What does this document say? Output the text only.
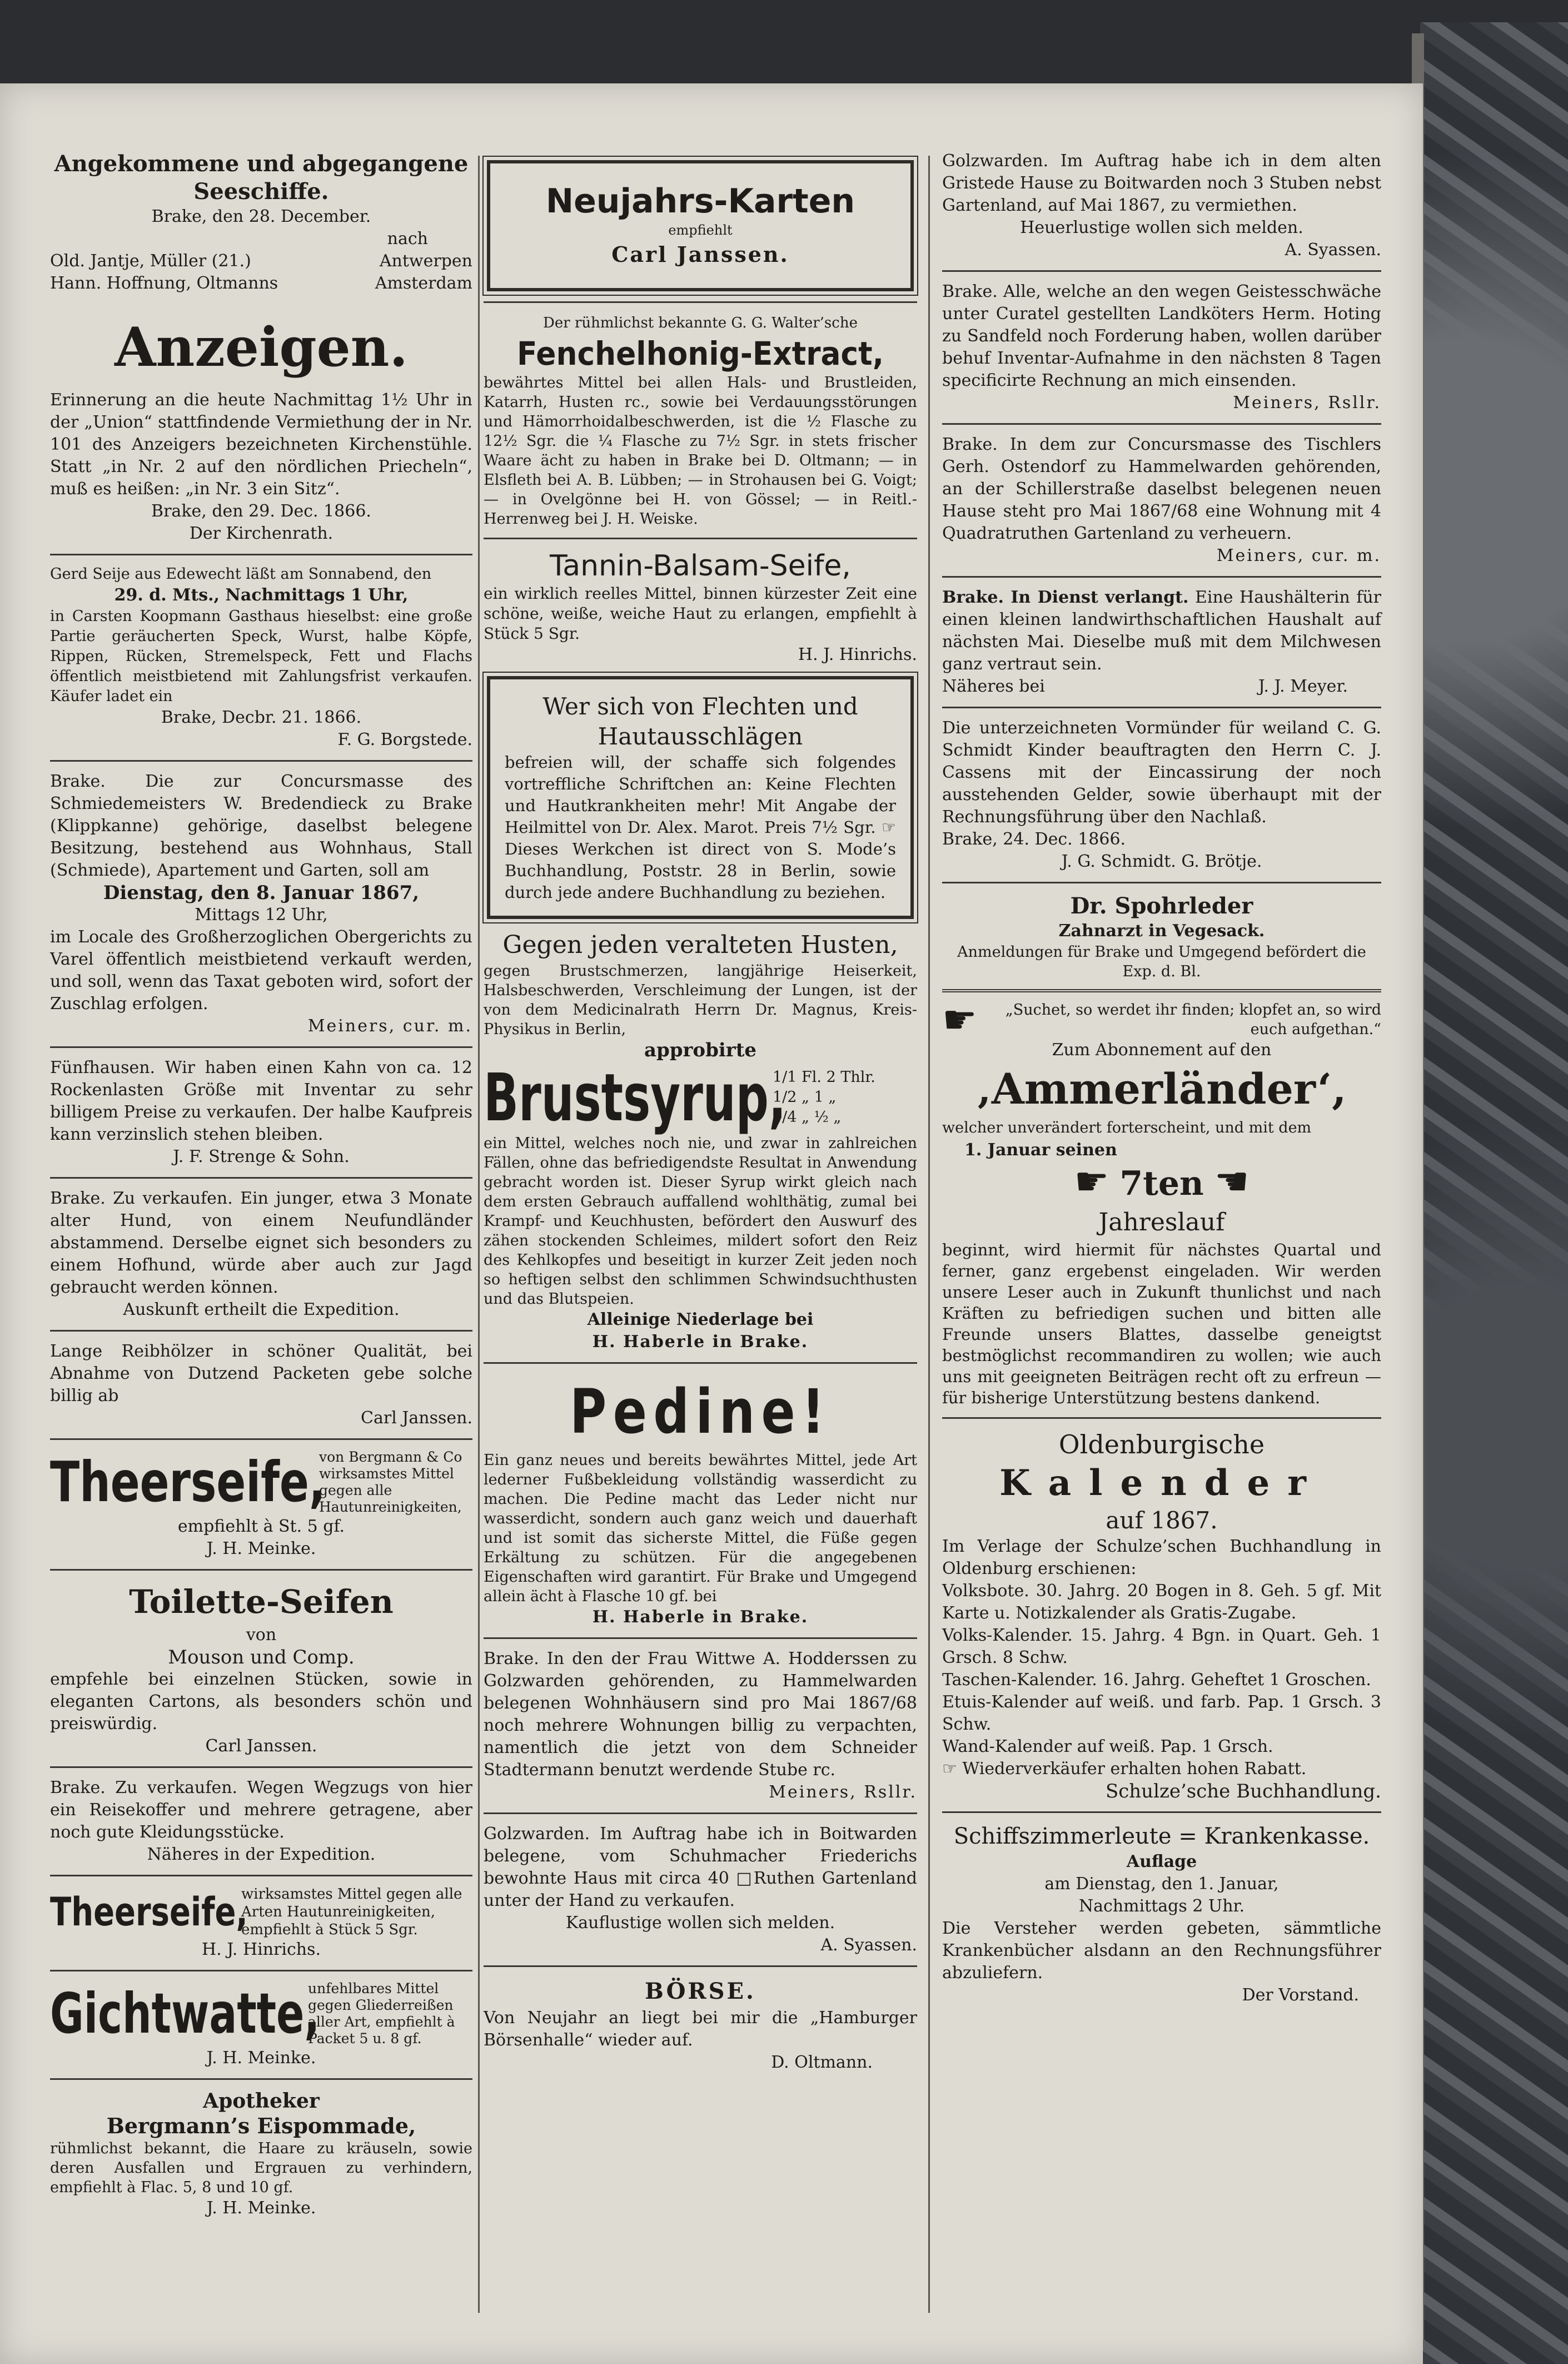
Angekommene und abgegangene Seeschiffe.
Brake, den 28. December.
nach
Old. Jantje, Müller (21.)	Antwerpen
Hann. Hoffnung, Oltmanns	Amsterdam
Anzeigen.
Erinnerung an die heute Nachmittag 1½ Uhr in der „Union“ stattfindende Vermiethung der in Nr. 101 des Anzeigers bezeichneten Kirchenstühle. Statt „in Nr. 2 auf den nördlichen Priecheln“, muß es heißen: „in Nr. 3 ein Sitz“.
Brake, den 29. Dec. 1866.
Der Kirchenrath.
Gerd Seije aus Edewecht läßt am Sonnabend, den
29. d. Mts., Nachmittags 1 Uhr,
in Carsten Koopmann Gasthaus hieselbst: eine große Partie geräucherten Speck, Wurst, halbe Köpfe, Rippen, Rücken, Stremelspeck, Fett und Flachs öffentlich meistbietend mit Zahlungsfrist verkaufen. Käufer ladet ein
Brake, Decbr. 21. 1866.
F. G. Borgstede.
Brake. Die zur Concursmasse des Schmiedemeisters W. Bredendieck zu Brake (Klippkanne) gehörige, daselbst belegene Besitzung, bestehend aus Wohnhaus, Stall (Schmiede), Apartement und Garten, soll am
Dienstag, den 8. Januar 1867,
Mittags 12 Uhr,
im Locale des Großherzoglichen Obergerichts zu Varel öffentlich meistbietend verkauft werden, und soll, wenn das Taxat geboten wird, sofort der Zuschlag erfolgen.
Meiners, cur. m.
Fünfhausen. Wir haben einen Kahn von ca. 12 Rockenlasten Größe mit Inventar zu sehr billigem Preise zu verkaufen. Der halbe Kaufpreis kann verzinslich stehen bleiben.
J. F. Strenge & Sohn.
Brake. Zu verkaufen. Ein junger, etwa 3 Monate alter Hund, von einem Neufundländer abstammend. Derselbe eignet sich besonders zu einem Hofhund, würde aber auch zur Jagd gebraucht werden können.
Auskunft ertheilt die Expedition.
Lange Reibhölzer in schöner Qualität, bei Abnahme von Dutzend Packeten gebe solche billig ab
Carl Janssen.
Theerseife,
von Bergmann & Co wirksamstes Mittel gegen alle Hautunreinigkeiten,
empfiehlt à St. 5 gf.
J. H. Meinke.
Toilette-Seifen
von
Mouson und Comp.
empfehle bei einzelnen Stücken, sowie in eleganten Cartons, als besonders schön und preiswürdig.
Carl Janssen.
Brake. Zu verkaufen. Wegen Wegzugs von hier ein Reisekoffer und mehrere getragene, aber noch gute Kleidungsstücke.
Näheres in der Expedition.
Theerseife,
wirksamstes Mittel gegen alle Arten Hautunreinigkeiten, empfiehlt à Stück 5 Sgr.
H. J. Hinrichs.
Gichtwatte,
unfehlbares Mittel gegen Gliederreißen aller Art, empfiehlt à Packet 5 u. 8 gf.
J. H. Meinke.
Apotheker
Bergmann’s Eispommade,
rühmlichst bekannt, die Haare zu kräuseln, sowie deren Ausfallen und Ergrauen zu verhindern, empfiehlt à Flac. 5, 8 und 10 gf.
J. H. Meinke.
Neujahrs-Karten
empfiehlt
Carl Janssen.
Der rühmlichst bekannte G. G. Walter’sche
Fenchelhonig-Extract,
bewährtes Mittel bei allen Hals- und Brustleiden, Katarrh, Husten rc., sowie bei Verdauungsstörungen und Hämorrhoidalbeschwerden, ist die ½ Flasche zu 12½ Sgr. die ¼ Flasche zu 7½ Sgr. in stets frischer Waare ächt zu haben in Brake bei D. Oltmann; — in Elsfleth bei A. B. Lübben; — in Strohausen bei G. Voigt; — in Ovelgönne bei H. von Gössel; — in Reitl.-Herrenweg bei J. H. Weiske.
Tannin-Balsam-Seife,
ein wirklich reelles Mittel, binnen kürzester Zeit eine schöne, weiße, weiche Haut zu erlangen, empfiehlt à Stück 5 Sgr.
H. J. Hinrichs.
Wer sich von Flechten und Hautausschlägen
befreien will, der schaffe sich folgendes vortreffliche Schriftchen an: Keine Flechten und Hautkrankheiten mehr! Mit Angabe der Heilmittel von Dr. Alex. Marot. Preis 7½ Sgr. ☞ Dieses Werkchen ist direct von S. Mode’s Buchhandlung, Poststr. 28 in Berlin, sowie durch jede andere Buchhandlung zu beziehen.
Gegen jeden veralteten Husten,
gegen Brustschmerzen, langjährige Heiserkeit, Halsbeschwerden, Verschleimung der Lungen, ist der von dem Medicinalrath Herrn Dr. Magnus, Kreis-Physikus in Berlin,
approbirte
Brustsyrup,
1/1 Fl. 2 Thlr.
1/2 „ 1 „
1/4 „ ½ „
ein Mittel, welches noch nie, und zwar in zahlreichen Fällen, ohne das befriedigendste Resultat in Anwendung gebracht worden ist. Dieser Syrup wirkt gleich nach dem ersten Gebrauch auffallend wohlthätig, zumal bei Krampf- und Keuchhusten, befördert den Auswurf des zähen stockenden Schleimes, mildert sofort den Reiz des Kehlkopfes und beseitigt in kurzer Zeit jeden noch so heftigen selbst den schlimmen Schwindsuchthusten und das Blutspeien.
Alleinige Niederlage bei
H. Haberle in Brake.
Pedine!
Ein ganz neues und bereits bewährtes Mittel, jede Art lederner Fußbekleidung vollständig wasserdicht zu machen. Die Pedine macht das Leder nicht nur wasserdicht, sondern auch ganz weich und dauerhaft und ist somit das sicherste Mittel, die Füße gegen Erkältung zu schützen. Für die angegebenen Eigenschaften wird garantirt. Für Brake und Umgegend allein ächt à Flasche 10 gf. bei
H. Haberle in Brake.
Brake. In den der Frau Wittwe A. Hodderssen zu Golzwarden gehörenden, zu Hammelwarden belegenen Wohnhäusern sind pro Mai 1867/68 noch mehrere Wohnungen billig zu verpachten, namentlich die jetzt von dem Schneider Stadtermann benutzt werdende Stube rc.
Meiners, Rsllr.
Golzwarden. Im Auftrag habe ich in Boitwarden belegene, vom Schuhmacher Friederichs bewohnte Haus mit circa 40 □Ruthen Gartenland unter der Hand zu verkaufen.
Kauflustige wollen sich melden.
A. Syassen.
BÖRSE.
Von Neujahr an liegt bei mir die „Hamburger Börsenhalle“ wieder auf.
D. Oltmann.
Golzwarden. Im Auftrag habe ich in dem alten Gristede Hause zu Boitwarden noch 3 Stuben nebst Gartenland, auf Mai 1867, zu vermiethen.
Heuerlustige wollen sich melden.
A. Syassen.
Brake. Alle, welche an den wegen Geistesschwäche unter Curatel gestellten Landköters Herm. Hoting zu Sandfeld noch Forderung haben, wollen darüber behuf Inventar-Aufnahme in den nächsten 8 Tagen specificirte Rechnung an mich einsenden.
Meiners, Rsllr.
Brake. In dem zur Concursmasse des Tischlers Gerh. Ostendorf zu Hammelwarden gehörenden, an der Schillerstraße daselbst belegenen neuen Hause steht pro Mai 1867/68 eine Wohnung mit 4 Quadratruthen Gartenland zu verheuern.
Meiners, cur. m.
Brake. In Dienst verlangt. Eine Haushälterin für einen kleinen landwirthschaftlichen Haushalt auf nächsten Mai. Dieselbe muß mit dem Milchwesen ganz vertraut sein.
Näheres bei	J. J. Meyer.
Die unterzeichneten Vormünder für weiland C. G. Schmidt Kinder beauftragten den Herrn C. J. Cassens mit der Eincassirung der noch ausstehenden Gelder, sowie überhaupt mit der Rechnungsführung über den Nachlaß.
Brake, 24. Dec. 1866.
J. G. Schmidt. G. Brötje.
Dr. Spohrleder
Zahnarzt in Vegesack.
Anmeldungen für Brake und Umgegend befördert die Exp. d. Bl.
☛	„Suchet, so werdet ihr finden; klopfet an, so wird euch aufgethan.“
Zum Abonnement auf den
‚Ammerländer‘,
welcher unverändert forterscheint, und mit dem
1. Januar seinen
☛ 7ten ☚
Jahreslauf
beginnt, wird hiermit für nächstes Quartal und ferner, ganz ergebenst eingeladen. Wir werden unsere Leser auch in Zukunft thunlichst und nach Kräften zu befriedigen suchen und bitten alle Freunde unsers Blattes, dasselbe geneigtst bestmöglichst recommandiren zu wollen; wie auch uns mit geeigneten Beiträgen recht oft zu erfreun — für bisherige Unterstützung bestens dankend.
Oldenburgische
Kalender
auf 1867.
Im Verlage der Schulze’schen Buchhandlung in Oldenburg erschienen:
Volksbote. 30. Jahrg. 20 Bogen in 8. Geh. 5 gf. Mit Karte u. Notizkalender als Gratis-Zugabe.
Volks-Kalender. 15. Jahrg. 4 Bgn. in Quart. Geh. 1 Grsch. 8 Schw.
Taschen-Kalender. 16. Jahrg. Geheftet 1 Groschen.
Etuis-Kalender auf weiß. und farb. Pap. 1 Grsch. 3 Schw.
Wand-Kalender auf weiß. Pap. 1 Grsch.
☞ Wiederverkäufer erhalten hohen Rabatt.
Schulze’sche Buchhandlung.
Schiffszimmerleute = Krankenkasse.
Auflage
am Dienstag, den 1. Januar,
Nachmittags 2 Uhr.
Die Versteher werden gebeten, sämmtliche Krankenbücher alsdann an den Rechnungsführer abzuliefern.
Der Vorstand.
